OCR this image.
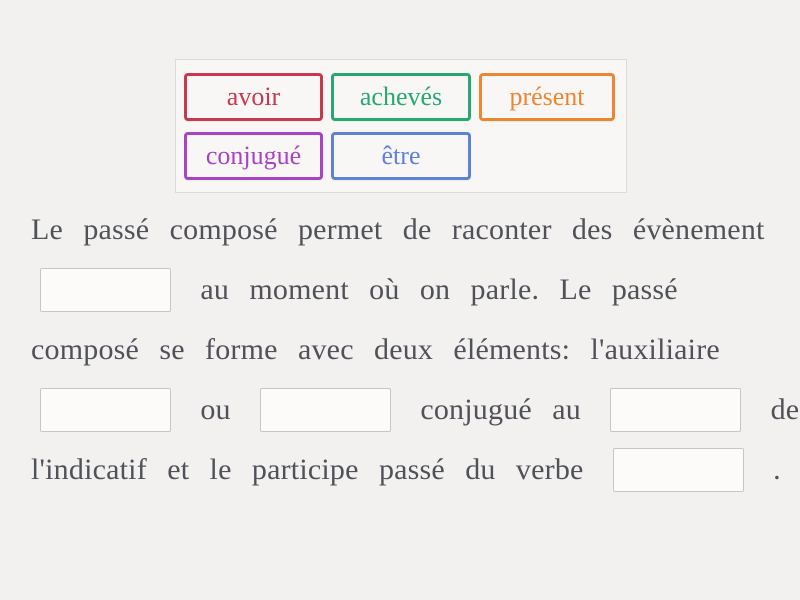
avoir	achevés	présent
conjugué	être
Le passé composé permet de raconter des évènement
au moment où on parle. Le passé
composé se forme avec deux éléments: l'auxiliaire
ou	conjugué au	de
l'indicatif et le participe passé du verbe	.
